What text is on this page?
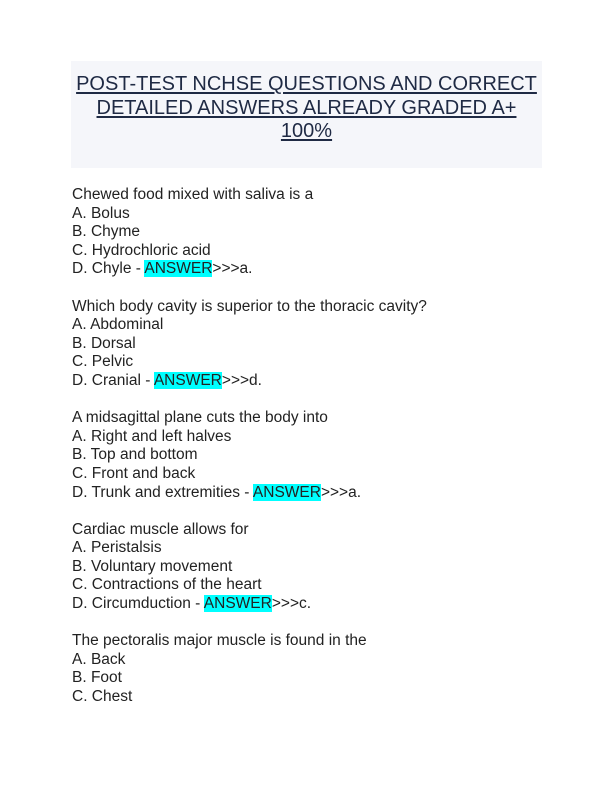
POST-TEST NCHSE QUESTIONS AND CORRECT DETAILED ANSWERS ALREADY GRADED A+ 100%
Chewed food mixed with saliva is a
A. Bolus
B. Chyme
C. Hydrochloric acid
D. Chyle - ANSWER>>>a.
Which body cavity is superior to the thoracic cavity?
A. Abdominal
B. Dorsal
C. Pelvic
D. Cranial - ANSWER>>>d.
A midsagittal plane cuts the body into
A. Right and left halves
B. Top and bottom
C. Front and back
D. Trunk and extremities - ANSWER>>>a.
Cardiac muscle allows for
A. Peristalsis
B. Voluntary movement
C. Contractions of the heart
D. Circumduction - ANSWER>>>c.
The pectoralis major muscle is found in the
A. Back
B. Foot
C. Chest
